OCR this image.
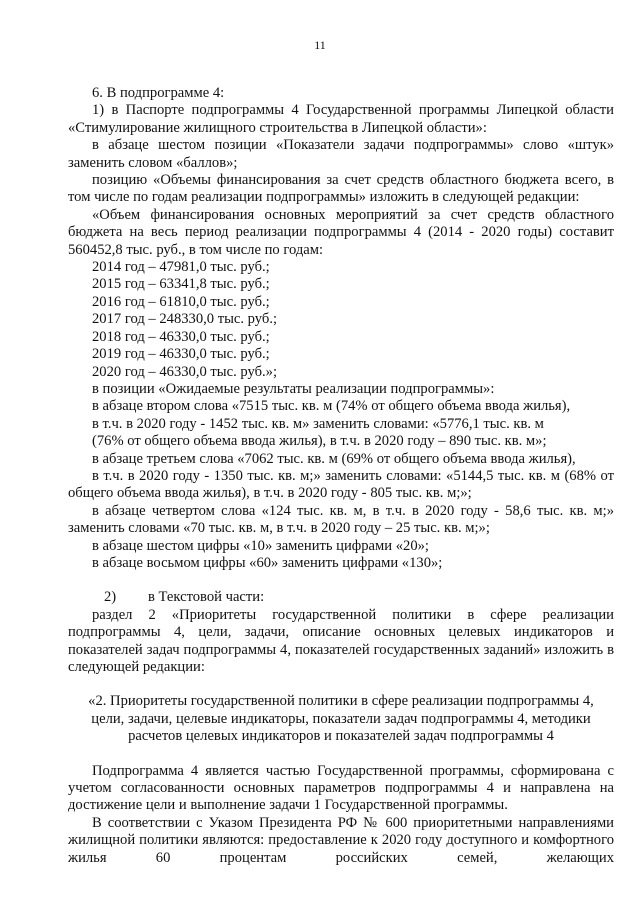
11

6. В подпрограмме 4:

1) в Паспорте подпрограммы 4 Государственной программы Липецкой области «Стимулирование жилищного строительства в Липецкой области»:

в абзаце шестом позиции «Показатели задачи подпрограммы» слово «штук» заменить словом «баллов»;

позицию «Объемы финансирования за счет средств областного бюджета всего, в том числе по годам реализации подпрограммы» изложить в следующей редакции:

«Объем финансирования основных мероприятий за счет средств областного бюджета на весь период реализации подпрограммы 4 (2014 - 2020 годы) составит 560452,8 тыс. руб., в том числе по годам:

2014 год – 47981,0 тыс. руб.;

2015 год – 63341,8 тыс. руб.;

2016 год – 61810,0 тыс. руб.;

2017 год – 248330,0 тыс. руб.;

2018 год – 46330,0 тыс. руб.;

2019 год – 46330,0 тыс. руб.;

2020 год – 46330,0 тыс. руб.»;

в позиции «Ожидаемые результаты реализации подпрограммы»:

в абзаце втором слова «7515 тыс. кв. м (74% от общего объема ввода жилья),

в т.ч. в 2020 году - 1452 тыс. кв. м» заменить словами: «5776,1 тыс. кв. м

(76% от общего объема ввода жилья), в т.ч. в 2020 году – 890 тыс. кв. м»;

в абзаце третьем слова «7062 тыс. кв. м (69% от общего объема ввода жилья),

в т.ч. в 2020 году - 1350 тыс. кв. м;» заменить словами: «5144,5 тыс. кв. м (68% от общего объема ввода жилья), в т.ч. в 2020 году - 805 тыс. кв. м;»;

в абзаце четвертом слова «124 тыс. кв. м, в т.ч. в 2020 году - 58,6 тыс. кв. м;» заменить словами «70 тыс. кв. м, в т.ч. в 2020 году – 25 тыс. кв. м;»;

в абзаце шестом цифры «10» заменить цифрами «20»;

в абзаце восьмом цифры «60» заменить цифрами «130»;

2)	в Текстовой части:

раздел 2 «Приоритеты государственной политики в сфере реализации подпрограммы 4, цели, задачи, описание основных целевых индикаторов и показателей задач подпрограммы 4, показателей государственных заданий» изложить в следующей редакции:

«2. Приоритеты государственной политики в сфере реализации подпрограммы 4, цели, задачи, целевые индикаторы, показатели задач подпрограммы 4, методики расчетов целевых индикаторов и показателей задач подпрограммы 4

Подпрограмма 4 является частью Государственной программы, сформирована с учетом согласованности основных параметров подпрограммы 4 и направлена на достижение цели и выполнение задачи 1 Государственной программы.

В соответствии с Указом Президента РФ № 600 приоритетными направлениями жилищной политики являются: предоставление к 2020 году доступного и комфортного жилья 60 процентам российских семей, желающих
